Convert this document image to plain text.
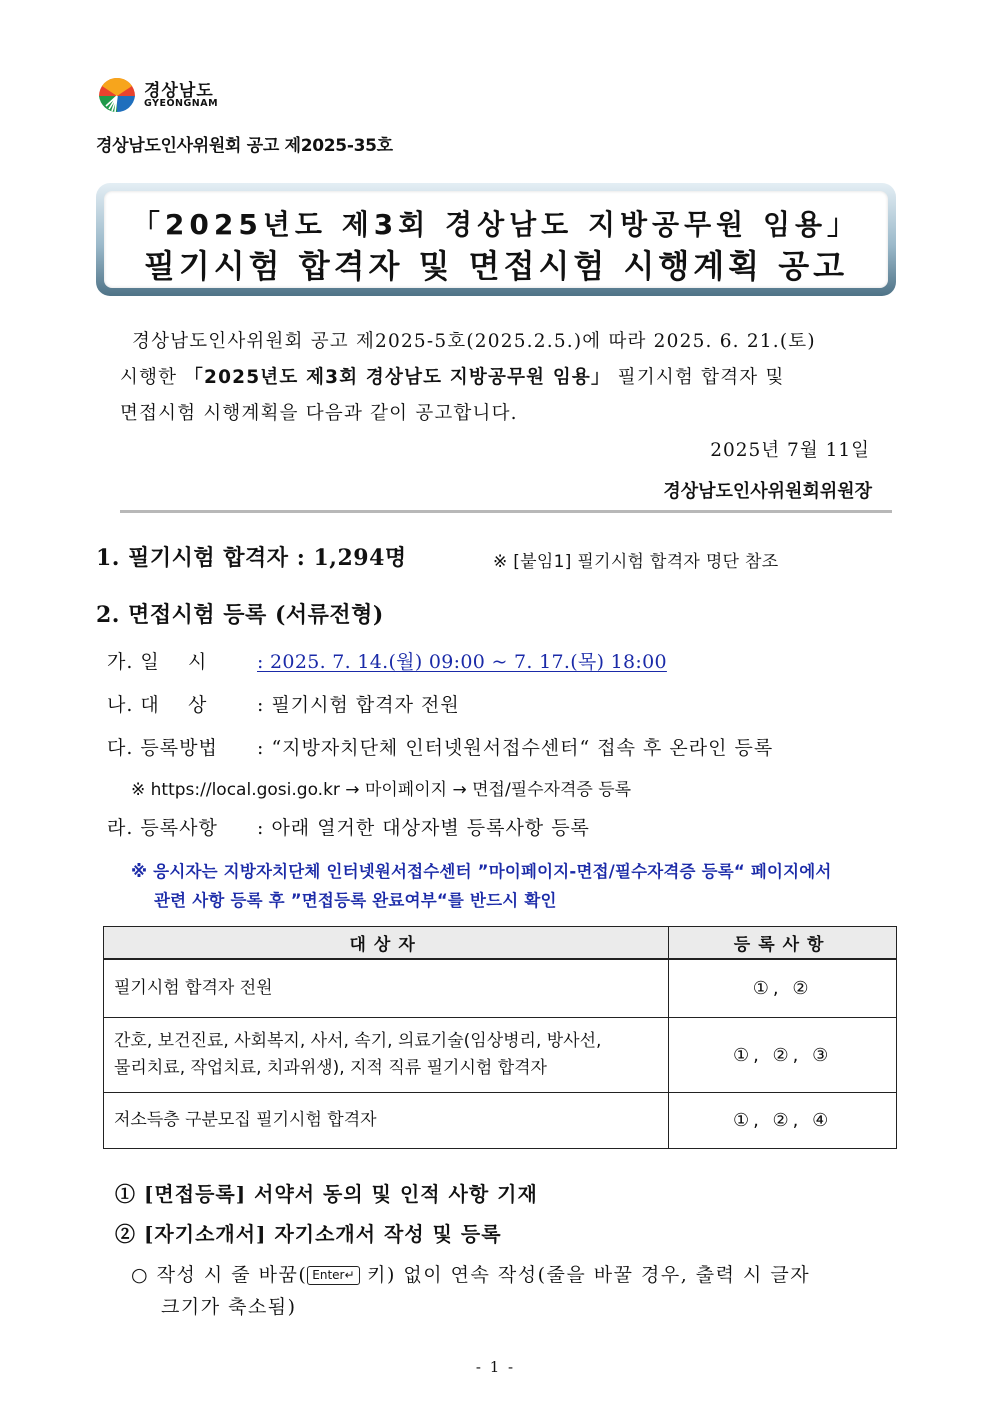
경상남도
GYEONGNAM
경상남도인사위원회 공고 제2025-35호
「2025년도 제3회 경상남도 지방공무원 임용」
필기시험 합격자 및 면접시험 시행계획 공고
경상남도인사위원회 공고 제2025-5호(2025.2.5.)에 따라 2025. 6. 21.(토)
시행한 「2025년도 제3회 경상남도 지방공무원 임용」 필기시험 합격자 및
면접시험 시행계획을 다음과 같이 공고합니다.
2025년 7월 11일
경상남도인사위원회위원장
1. 필기시험 합격자 : 1,294명	※ [붙임1] 필기시험 합격자 명단 참조
2. 면접시험 등록 (서류전형)
가. 일    시	: 2025. 7. 14.(월) 09:00 ~ 7. 17.(목) 18:00
나. 대    상	: 필기시험 합격자 전원
다. 등록방법 : “지방자치단체 인터넷원서접수센터“ 접속 후 온라인 등록
※ https://local.gosi.go.kr → 마이페이지 → 면접/필수자격증 등록
라. 등록사항 : 아래 열거한 대상자별 등록사항 등록
※ 응시자는 지방자치단체 인터넷원서접수센터 ”마이페이지-면접/필수자격증 등록“ 페이지에서
관련 사항 등록 후 ”면접등록 완료여부“를 반드시 확인
대상자	등록사항

필기시험 합격자 전원	①, ②

간호, 보건진료, 사회복지, 사서, 속기, 의료기술(임상병리, 방사선,
물리치료, 작업치료, 치과위생), 지적 직류 필기시험 합격자	①, ②, ③

저소득층 구분모집 필기시험 합격자	①, ②, ④
① [면접등록] 서약서 동의 및 인적 사항 기재
② [자기소개서] 자기소개서 작성 및 등록
○ 작성 시 줄 바꿈( Enter↵ 키) 없이 연속 작성(줄을 바꿀 경우, 출력 시 글자
크기가 축소됨)
- 1 -
